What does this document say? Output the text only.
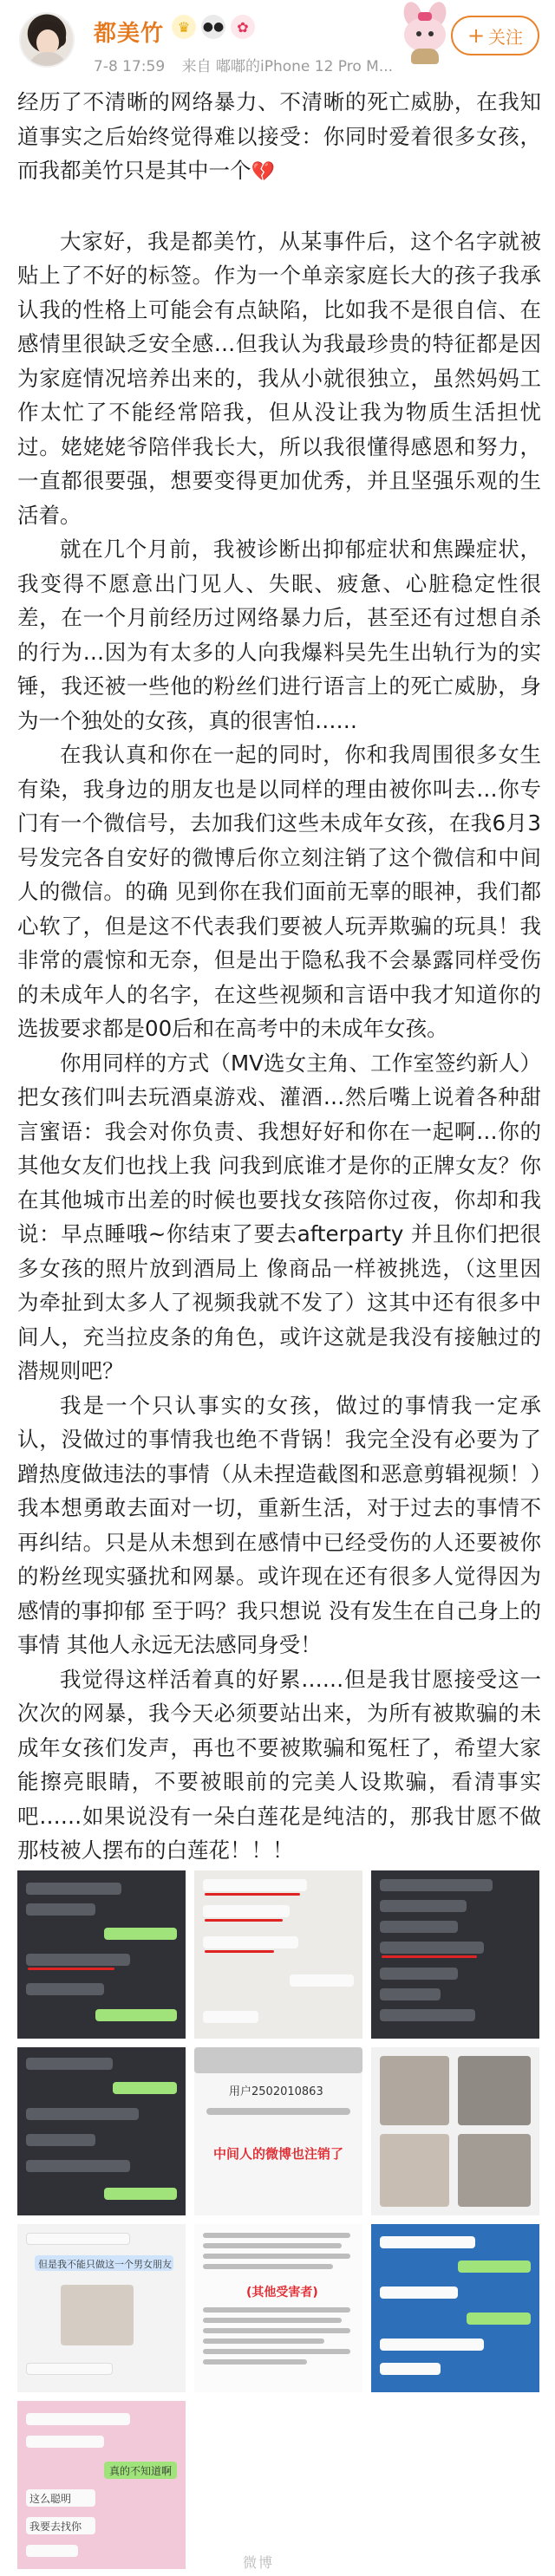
都美竹 ♛	●● ✿
7-8 17:59 来自 嘟嘟的iPhone 12 Pro M...
+ 关注

经历了不清晰的网络暴力、不清晰的死亡威胁，在我知道事实之后始终觉得难以接受：你同时爱着很多女孩，而我都美竹只是其中一个💔

大家好，我是都美竹，从某事件后，这个名字就被贴上了不好的标签。作为一个单亲家庭长大的孩子我承认我的性格上可能会有点缺陷，比如我不是很自信、在感情里很缺乏安全感…但我认为我最珍贵的特征都是因为家庭情况培养出来的，我从小就很独立，虽然妈妈工作太忙了不能经常陪我，但从没让我为物质生活担忧过。姥姥姥爷陪伴我长大，所以我很懂得感恩和努力，一直都很要强，想要变得更加优秀，并且坚强乐观的生活着。

就在几个月前，我被诊断出抑郁症状和焦躁症状，我变得不愿意出门见人、失眠、疲惫、心脏稳定性很差，在一个月前经历过网络暴力后，甚至还有过想自杀的行为…因为有太多的人向我爆料吴先生出轨行为的实锤，我还被一些他的粉丝们进行语言上的死亡威胁，身为一个独处的女孩，真的很害怕……

在我认真和你在一起的同时，你和我周围很多女生有染，我身边的朋友也是以同样的理由被你叫去…你专门有一个微信号，去加我们这些未成年女孩，在我6月3号发完各自安好的微博后你立刻注销了这个微信和中间人的微信。的确 见到你在我们面前无辜的眼神，我们都心软了，但是这不代表我们要被人玩弄欺骗的玩具！我非常的震惊和无奈，但是出于隐私我不会暴露同样受伤的未成年人的名字，在这些视频和言语中我才知道你的选拔要求都是00后和在高考中的未成年女孩。

你用同样的方式（MV选女主角、工作室签约新人）把女孩们叫去玩酒桌游戏、灌酒…然后嘴上说着各种甜言蜜语：我会对你负责、我想好好和你在一起啊…你的其他女友们也找上我 问我到底谁才是你的正牌女友？你在其他城市出差的时候也要找女孩陪你过夜，你却和我说：早点睡哦~你结束了要去afterparty 并且你们把很多女孩的照片放到酒局上 像商品一样被挑选，（这里因为牵扯到太多人了视频我就不发了）这其中还有很多中间人，充当拉皮条的角色，或许这就是我没有接触过的潜规则吧？

我是一个只认事实的女孩，做过的事情我一定承认，没做过的事情我也绝不背锅！我完全没有必要为了蹭热度做违法的事情（从未捏造截图和恶意剪辑视频！）我本想勇敢去面对一切，重新生活，对于过去的事情不再纠结。只是从未想到在感情中已经受伤的人还要被你的粉丝现实骚扰和网暴。或许现在还有很多人觉得因为感情的事抑郁 至于吗？我只想说 没有发生在自己身上的事情 其他人永远无法感同身受！

我觉得这样活着真的好累……但是我甘愿接受这一次次的网暴，我今天必须要站出来，为所有被欺骗的未成年女孩们发声，再也不要被欺骗和冤枉了，希望大家能擦亮眼睛，不要被眼前的完美人设欺骗，看清事实吧……如果说没有一朵白莲花是纯洁的，那我甘愿不做那枝被人摆布的白莲花！！！

用户2502010863
中间人的微博也注销了
但是我不能只做这一个男女朋友
(其他受害者)
真的不知道啊
这么聪明
我要去找你
微博
